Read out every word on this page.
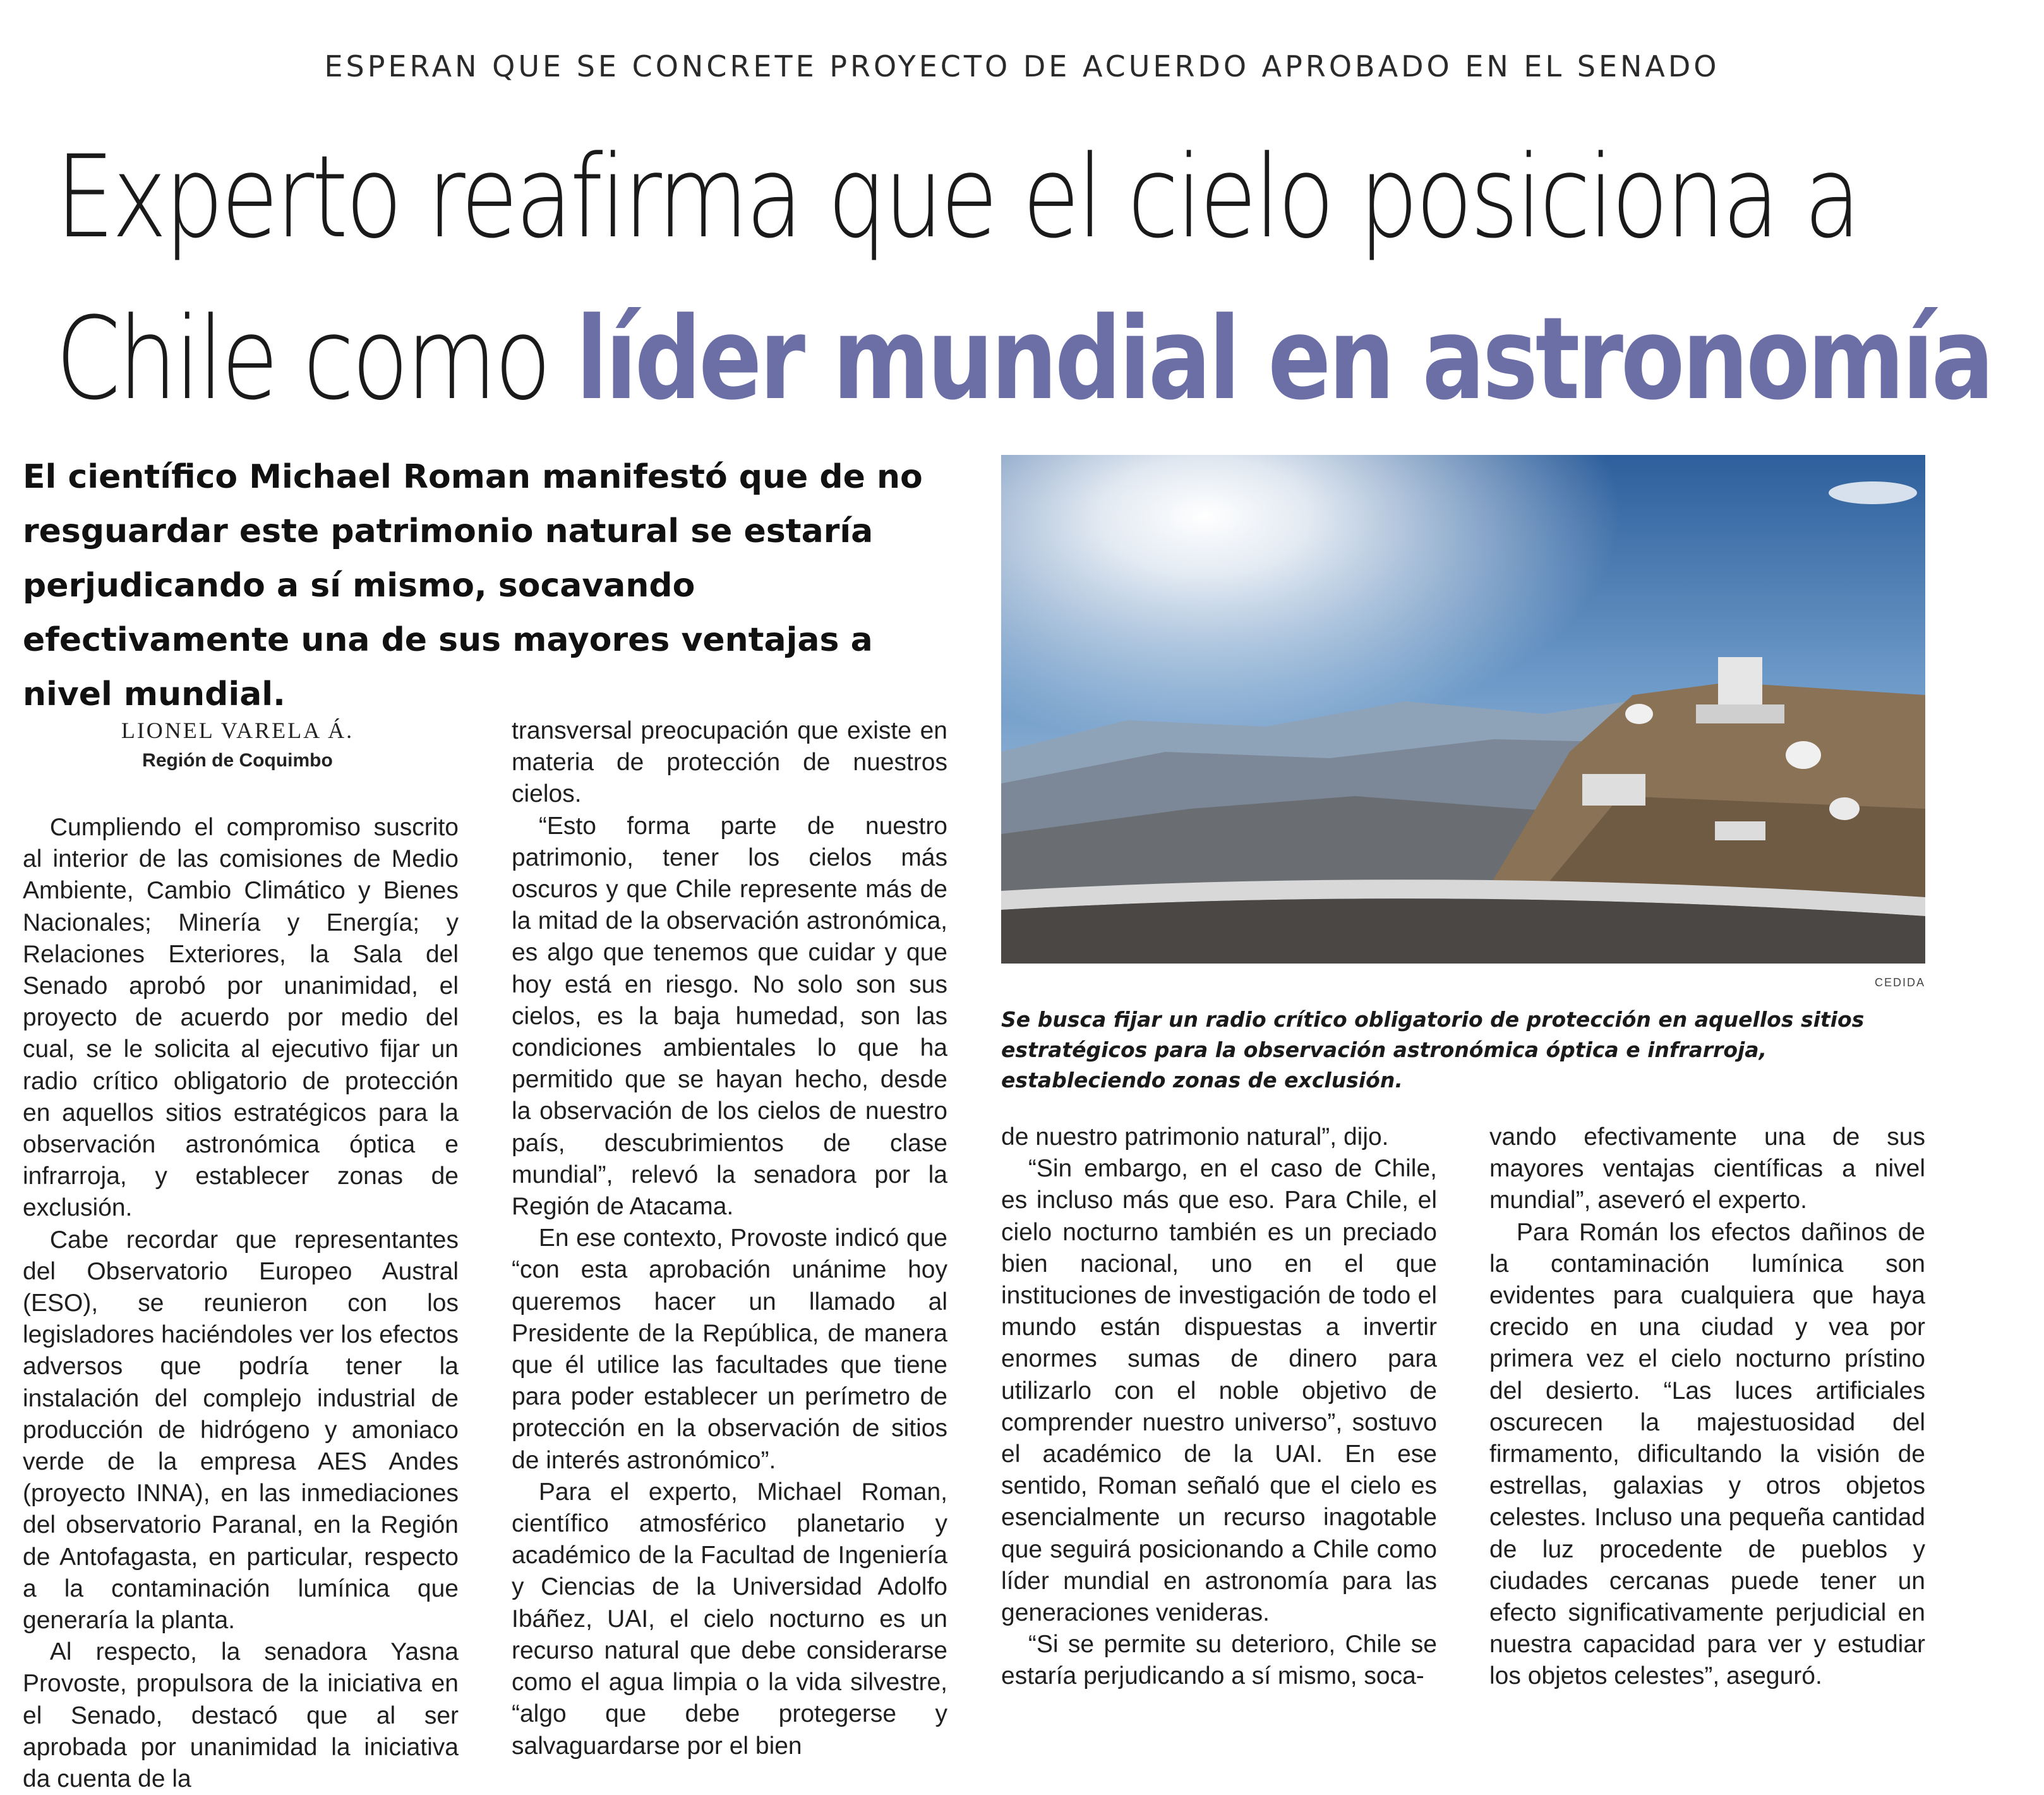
ESPERAN QUE SE CONCRETE PROYECTO DE ACUERDO APROBADO EN EL SENADO
Experto reafirma que el cielo posiciona a
Chile como líder mundial en astronomía
El científico Michael Roman manifestó que de no resguardar este patrimonio natural se estaría perjudicando a sí mismo, socavando efectivamente una de sus mayores ventajas a nivel mundial.
LIONEL VARELA Á.
Región de Coquimbo

Cumpliendo el compromiso suscrito al interior de las comisiones de Medio Ambiente, Cambio Climático y Bienes Nacionales; Minería y Energía; y Relaciones Exteriores, la Sala del Senado aprobó por unanimidad, el proyecto de acuerdo por medio del cual, se le solicita al ejecutivo fijar un radio crítico obligatorio de protección en aquellos sitios estratégicos para la observación astronómica óptica e infrarroja, y establecer zonas de exclusión.

Cabe recordar que representantes del Observatorio Europeo Austral (ESO), se reunieron con los legisladores haciéndoles ver los efectos adversos que podría tener la instalación del complejo industrial de producción de hidrógeno y amoniaco verde de la empresa AES Andes (proyecto INNA), en las inmediaciones del observatorio Paranal, en la Región de Antofagasta, en particular, respecto a la contaminación lumínica que generaría la planta.

Al respecto, la senadora Yasna Provoste, propulsora de la iniciativa en el Senado, destacó que al ser aprobada por unanimidad la iniciativa da cuenta de la

transversal preocupación que existe en materia de protección de nuestros cielos.

“Esto forma parte de nuestro patrimonio, tener los cielos más oscuros y que Chile represente más de la mitad de la observación astronómica, es algo que tenemos que cuidar y que hoy está en riesgo. No solo son sus cielos, es la baja humedad, son las condiciones ambientales lo que ha permitido que se hayan hecho, desde la observación de los cielos de nuestro país, descubrimientos de clase mundial”, relevó la senadora por la Región de Atacama.

En ese contexto, Provoste indicó que “con esta aprobación unánime hoy queremos hacer un llamado al Presidente de la República, de manera que él utilice las facultades que tiene para poder establecer un perímetro de protección en la observación de sitios de interés astronómico”.

Para el experto, Michael Roman, científico atmosférico planetario y académico de la Facultad de Ingeniería y Ciencias de la Universidad Adolfo Ibáñez, UAI, el cielo nocturno es un recurso natural que debe considerarse como el agua limpia o la vida silvestre, “algo que debe protegerse y salvaguardarse por el bien

CEDIDA
Se busca fijar un radio crítico obligatorio de protección en aquellos sitios estratégicos para la observación astronómica óptica e infrarroja, estableciendo zonas de exclusión.

de nuestro patrimonio natural”, dijo.

“Sin embargo, en el caso de Chile, es incluso más que eso. Para Chile, el cielo nocturno también es un preciado bien nacional, uno en el que instituciones de investigación de todo el mundo están dispuestas a invertir enormes sumas de dinero para utilizarlo con el noble objetivo de comprender nuestro universo”, sostuvo el académico de la UAI. En ese sentido, Roman señaló que el cielo es esencialmente un recurso inagotable que seguirá posicionando a Chile como líder mundial en astronomía para las generaciones venideras.

“Si se permite su deterioro, Chile se estaría perjudicando a sí mismo, soca-

vando efectivamente una de sus mayores ventajas científicas a nivel mundial”, aseveró el experto.

Para Román los efectos dañinos de la contaminación lumínica son evidentes para cualquiera que haya crecido en una ciudad y vea por primera vez el cielo nocturno prístino del desierto. “Las luces artificiales oscurecen la majestuosidad del firmamento, dificultando la visión de estrellas, galaxias y otros objetos celestes. Incluso una pequeña cantidad de luz procedente de pueblos y ciudades cercanas puede tener un efecto significativamente perjudicial en nuestra capacidad para ver y estudiar los objetos celestes”, aseguró.
